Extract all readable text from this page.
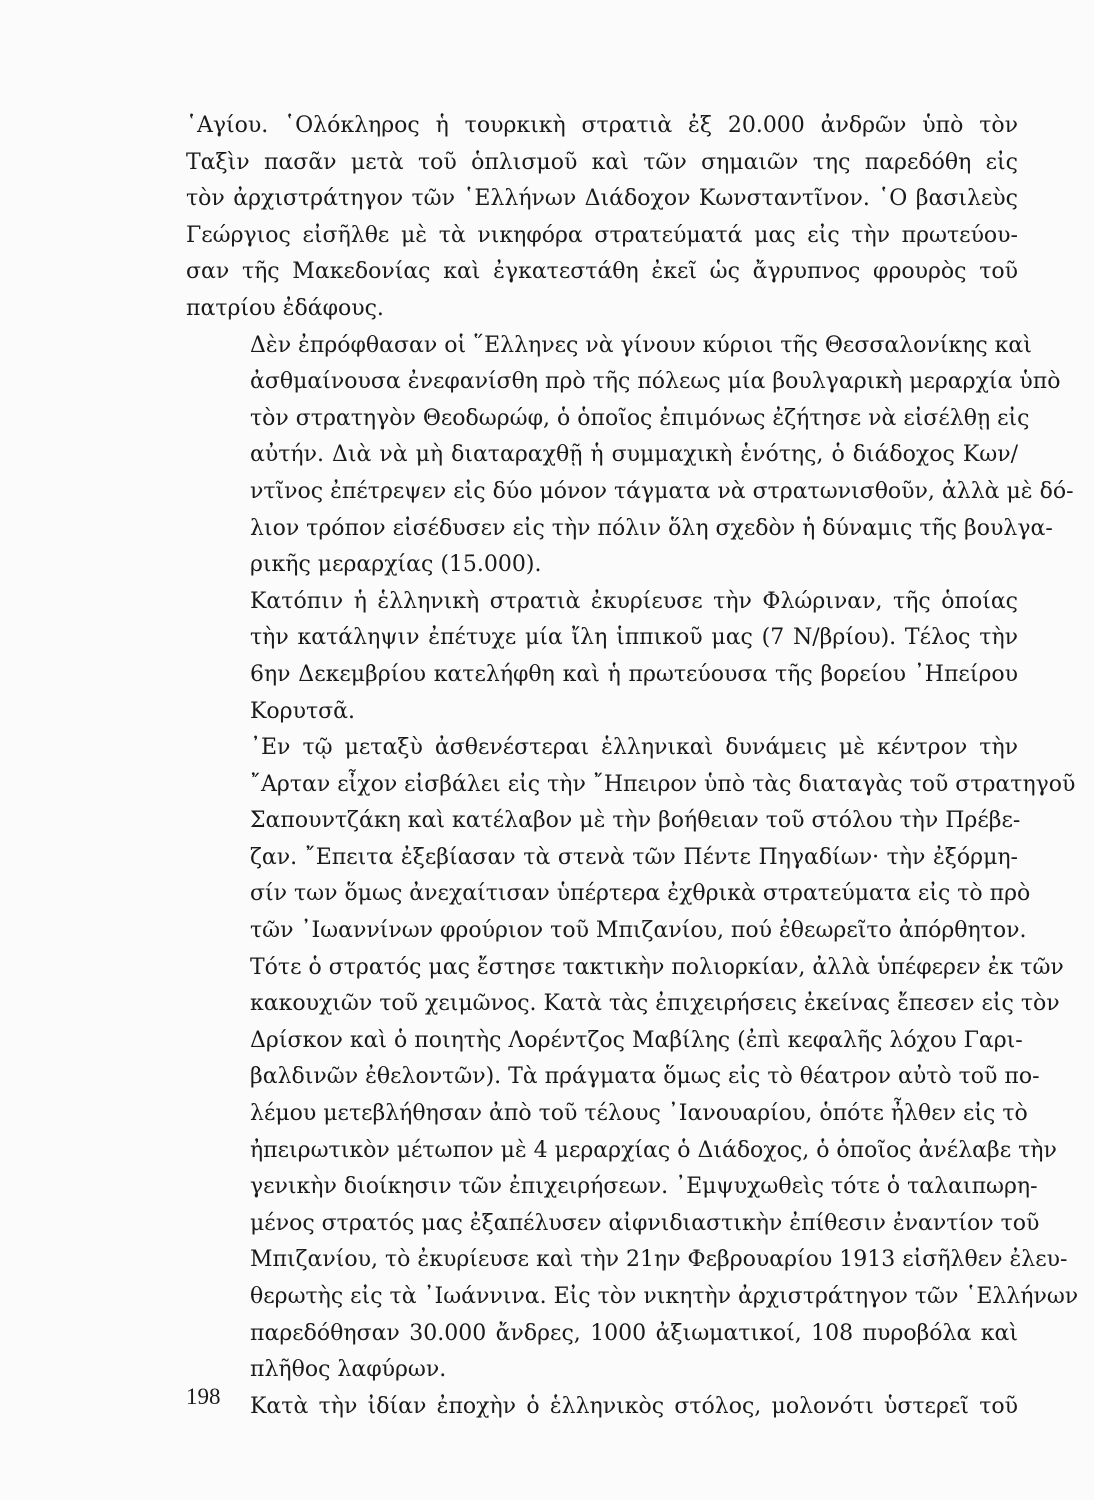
῾Αγίου. ῾Ολόκληρος ἡ τουρκικὴ στρατιὰ ἐξ 20.000 ἀνδρῶν ὑπὸ τὸν
Ταξὶν πασᾶν μετὰ τοῦ ὁπλισμοῦ καὶ τῶν σημαιῶν της παρεδόθη εἰς
τὸν ἀρχιστράτηγον τῶν ῾Ελλήνων Διάδοχον Κωνσταντῖνον. ῾Ο βασιλεὺς
Γεώργιος εἰσῆλθε μὲ τὰ νικηφόρα στρατεύματά μας εἰς τὴν πρωτεύου-
σαν τῆς Μακεδονίας καὶ ἐγκατεστάθη ἐκεῖ ὡς ἄγρυπνος φρουρὸς τοῦ
πατρίου ἐδάφους.

Δὲν ἐπρόφθασαν οἱ ῞Ελληνες νὰ γίνουν κύριοι τῆς Θεσσαλονίκης καὶ
ἀσθμαίνουσα ἐνεφανίσθη πρὸ τῆς πόλεως μία βουλγαρικὴ μεραρχία ὑπὸ
τὸν στρατηγὸν Θεοδωρώφ, ὁ ὁποῖος ἐπιμόνως ἐζήτησε νὰ εἰσέλθῃ εἰς
αὐτήν. Διὰ νὰ μὴ διαταραχθῇ ἡ συμμαχικὴ ἑνότης, ὁ διάδοχος Κων/
ντῖνος ἐπέτρεψεν εἰς δύο μόνον τάγματα νὰ στρατωνισθοῦν, ἀλλὰ μὲ δό-
λιον τρόπον εἰσέδυσεν εἰς τὴν πόλιν ὅλη σχεδὸν ἡ δύναμις τῆς βουλγα-
ρικῆς μεραρχίας (15.000).

Κατόπιν ἡ ἑλληνικὴ στρατιὰ ἐκυρίευσε τὴν Φλώριναν, τῆς ὁποίας
τὴν κατάληψιν ἐπέτυχε μία ἴλη ἱππικοῦ μας (7 Ν/βρίου). Τέλος τὴν
6ην Δεκεμβρίου κατελήφθη καὶ ἡ πρωτεύουσα τῆς βορείου ᾿Ηπείρου
Κορυτσᾶ.

᾿Εν τῷ μεταξὺ ἀσθενέστεραι ἑλληνικαὶ δυνάμεις μὲ κέντρον τὴν
῎Αρταν εἶχον εἰσβάλει εἰς τὴν ῎Ηπειρον ὑπὸ τὰς διαταγὰς τοῦ στρατηγοῦ
Σαπουντζάκη καὶ κατέλαβον μὲ τὴν βοήθειαν τοῦ στόλου τὴν Πρέβε-
ζαν. ῎Επειτα ἐξεβίασαν τὰ στενὰ τῶν Πέντε Πηγαδίων· τὴν ἐξόρμη-
σίν των ὅμως ἀνεχαίτισαν ὑπέρτερα ἐχθρικὰ στρατεύματα εἰς τὸ πρὸ
τῶν ᾿Ιωαννίνων φρούριον τοῦ Μπιζανίου, πού ἐθεωρεῖτο ἀπόρθητον.
Τότε ὁ στρατός μας ἔστησε τακτικὴν πολιορκίαν, ἀλλὰ ὑπέφερεν ἐκ τῶν
κακουχιῶν τοῦ χειμῶνος. Κατὰ τὰς ἐπιχειρήσεις ἐκείνας ἔπεσεν εἰς τὸν
Δρίσκον καὶ ὁ ποιητὴς Λορέντζος Μαβίλης (ἐπὶ κεφαλῆς λόχου Γαρι-
βαλδινῶν ἐθελοντῶν). Τὰ πράγματα ὅμως εἰς τὸ θέατρον αὐτὸ τοῦ πο-
λέμου μετεβλήθησαν ἀπὸ τοῦ τέλους ᾿Ιανουαρίου, ὁπότε ἦλθεν εἰς τὸ
ἠπειρωτικὸν μέτωπον μὲ 4 μεραρχίας ὁ Διάδοχος, ὁ ὁποῖος ἀνέλαβε τὴν
γενικὴν διοίκησιν τῶν ἐπιχειρήσεων. ᾿Εμψυχωθεὶς τότε ὁ ταλαιπωρη-
μένος στρατός μας ἐξαπέλυσεν αἰφνιδιαστικὴν ἐπίθεσιν ἐναντίον τοῦ
Μπιζανίου, τὸ ἐκυρίευσε καὶ τὴν 21ην Φεβρουαρίου 1913 εἰσῆλθεν ἐλευ-
θερωτὴς εἰς τὰ ᾿Ιωάννινα. Εἰς τὸν νικητὴν ἀρχιστράτηγον τῶν ῾Ελλήνων
παρεδόθησαν 30.000 ἄνδρες, 1000 ἀξιωματικοί, 108 πυροβόλα καὶ
πλῆθος λαφύρων.

Κατὰ τὴν ἰδίαν ἐποχὴν ὁ ἑλληνικὸς στόλος, μολονότι ὑστερεῖ τοῦ

198
